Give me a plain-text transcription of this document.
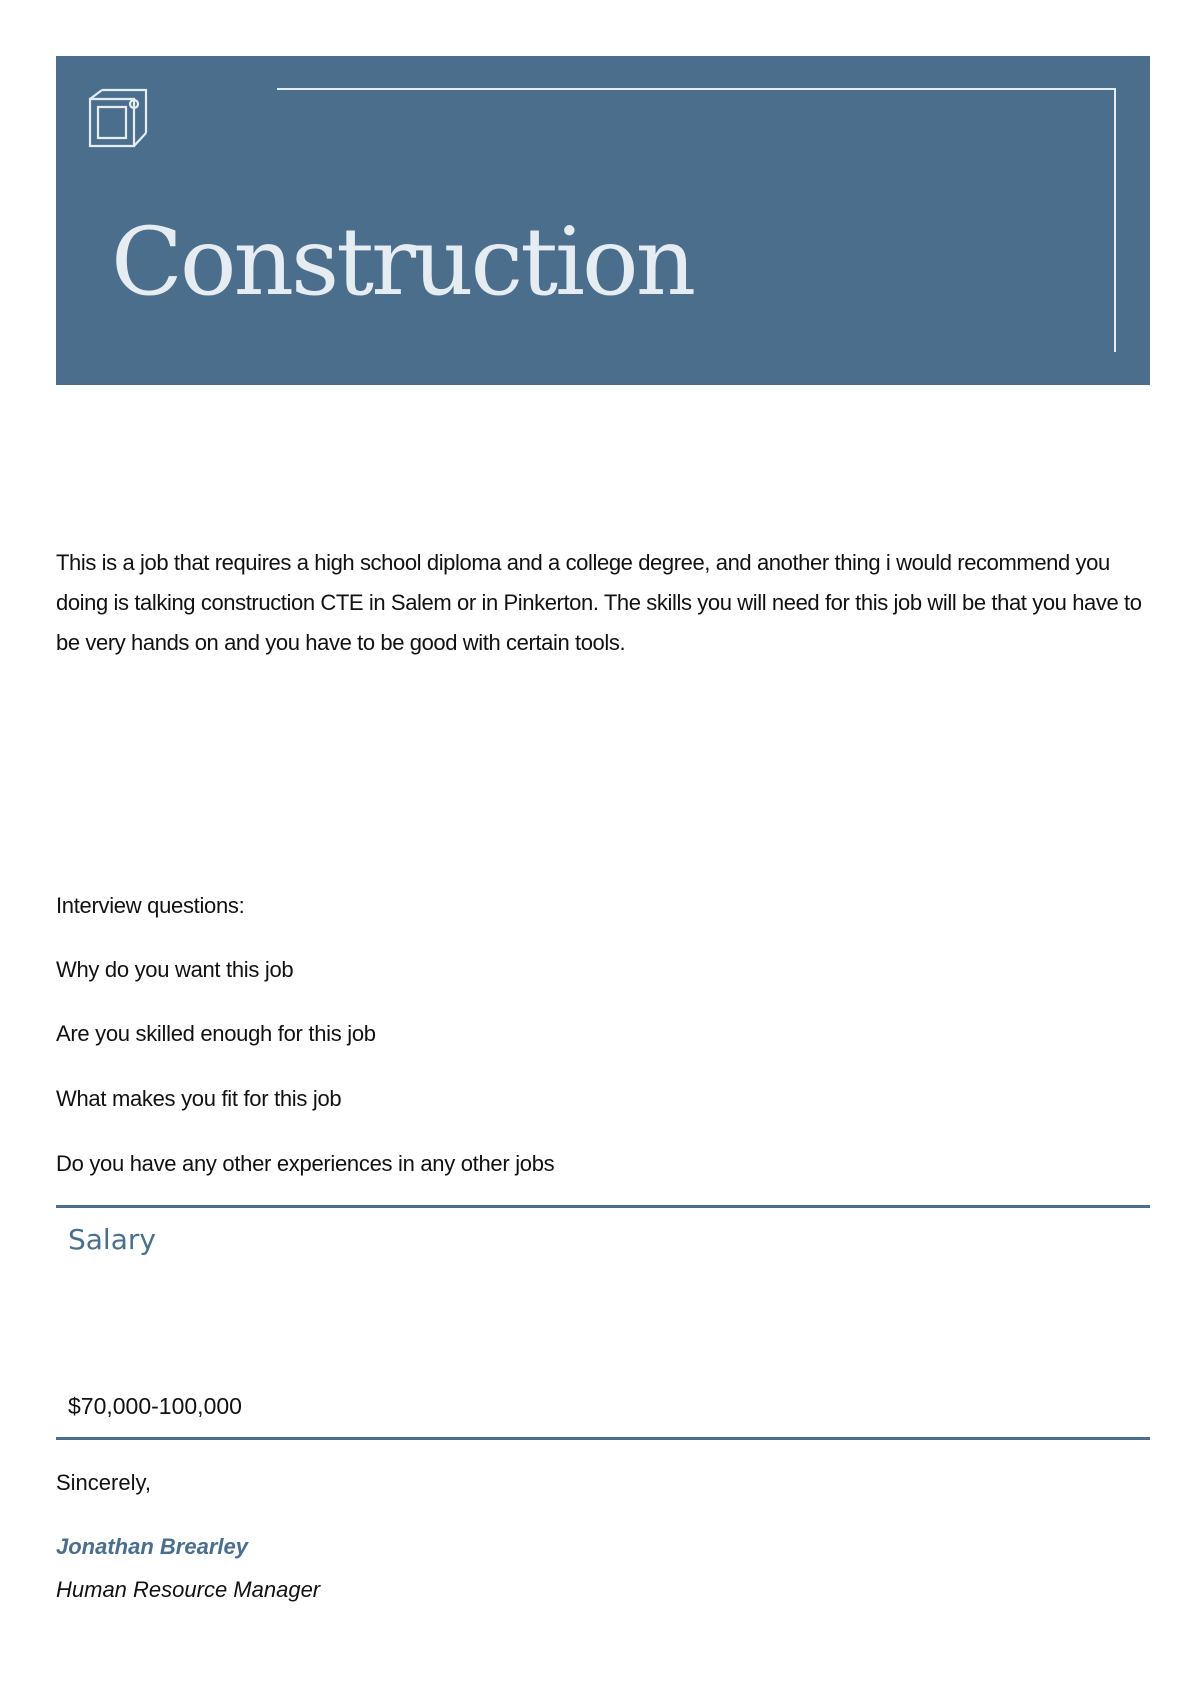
Construction

This is a job that requires a high school diploma and a college degree, and another thing i would recommend you doing is talking construction CTE in Salem or in Pinkerton. The skills you will need for this job will be that you have to be very hands on and you have to be good with certain tools.

Interview questions:

Why do you want this job

Are you skilled enough for this job

What makes you fit for this job

Do you have any other experiences in any other jobs

Salary

$70,000-100,000

Sincerely,

Jonathan Brearley

Human Resource Manager
